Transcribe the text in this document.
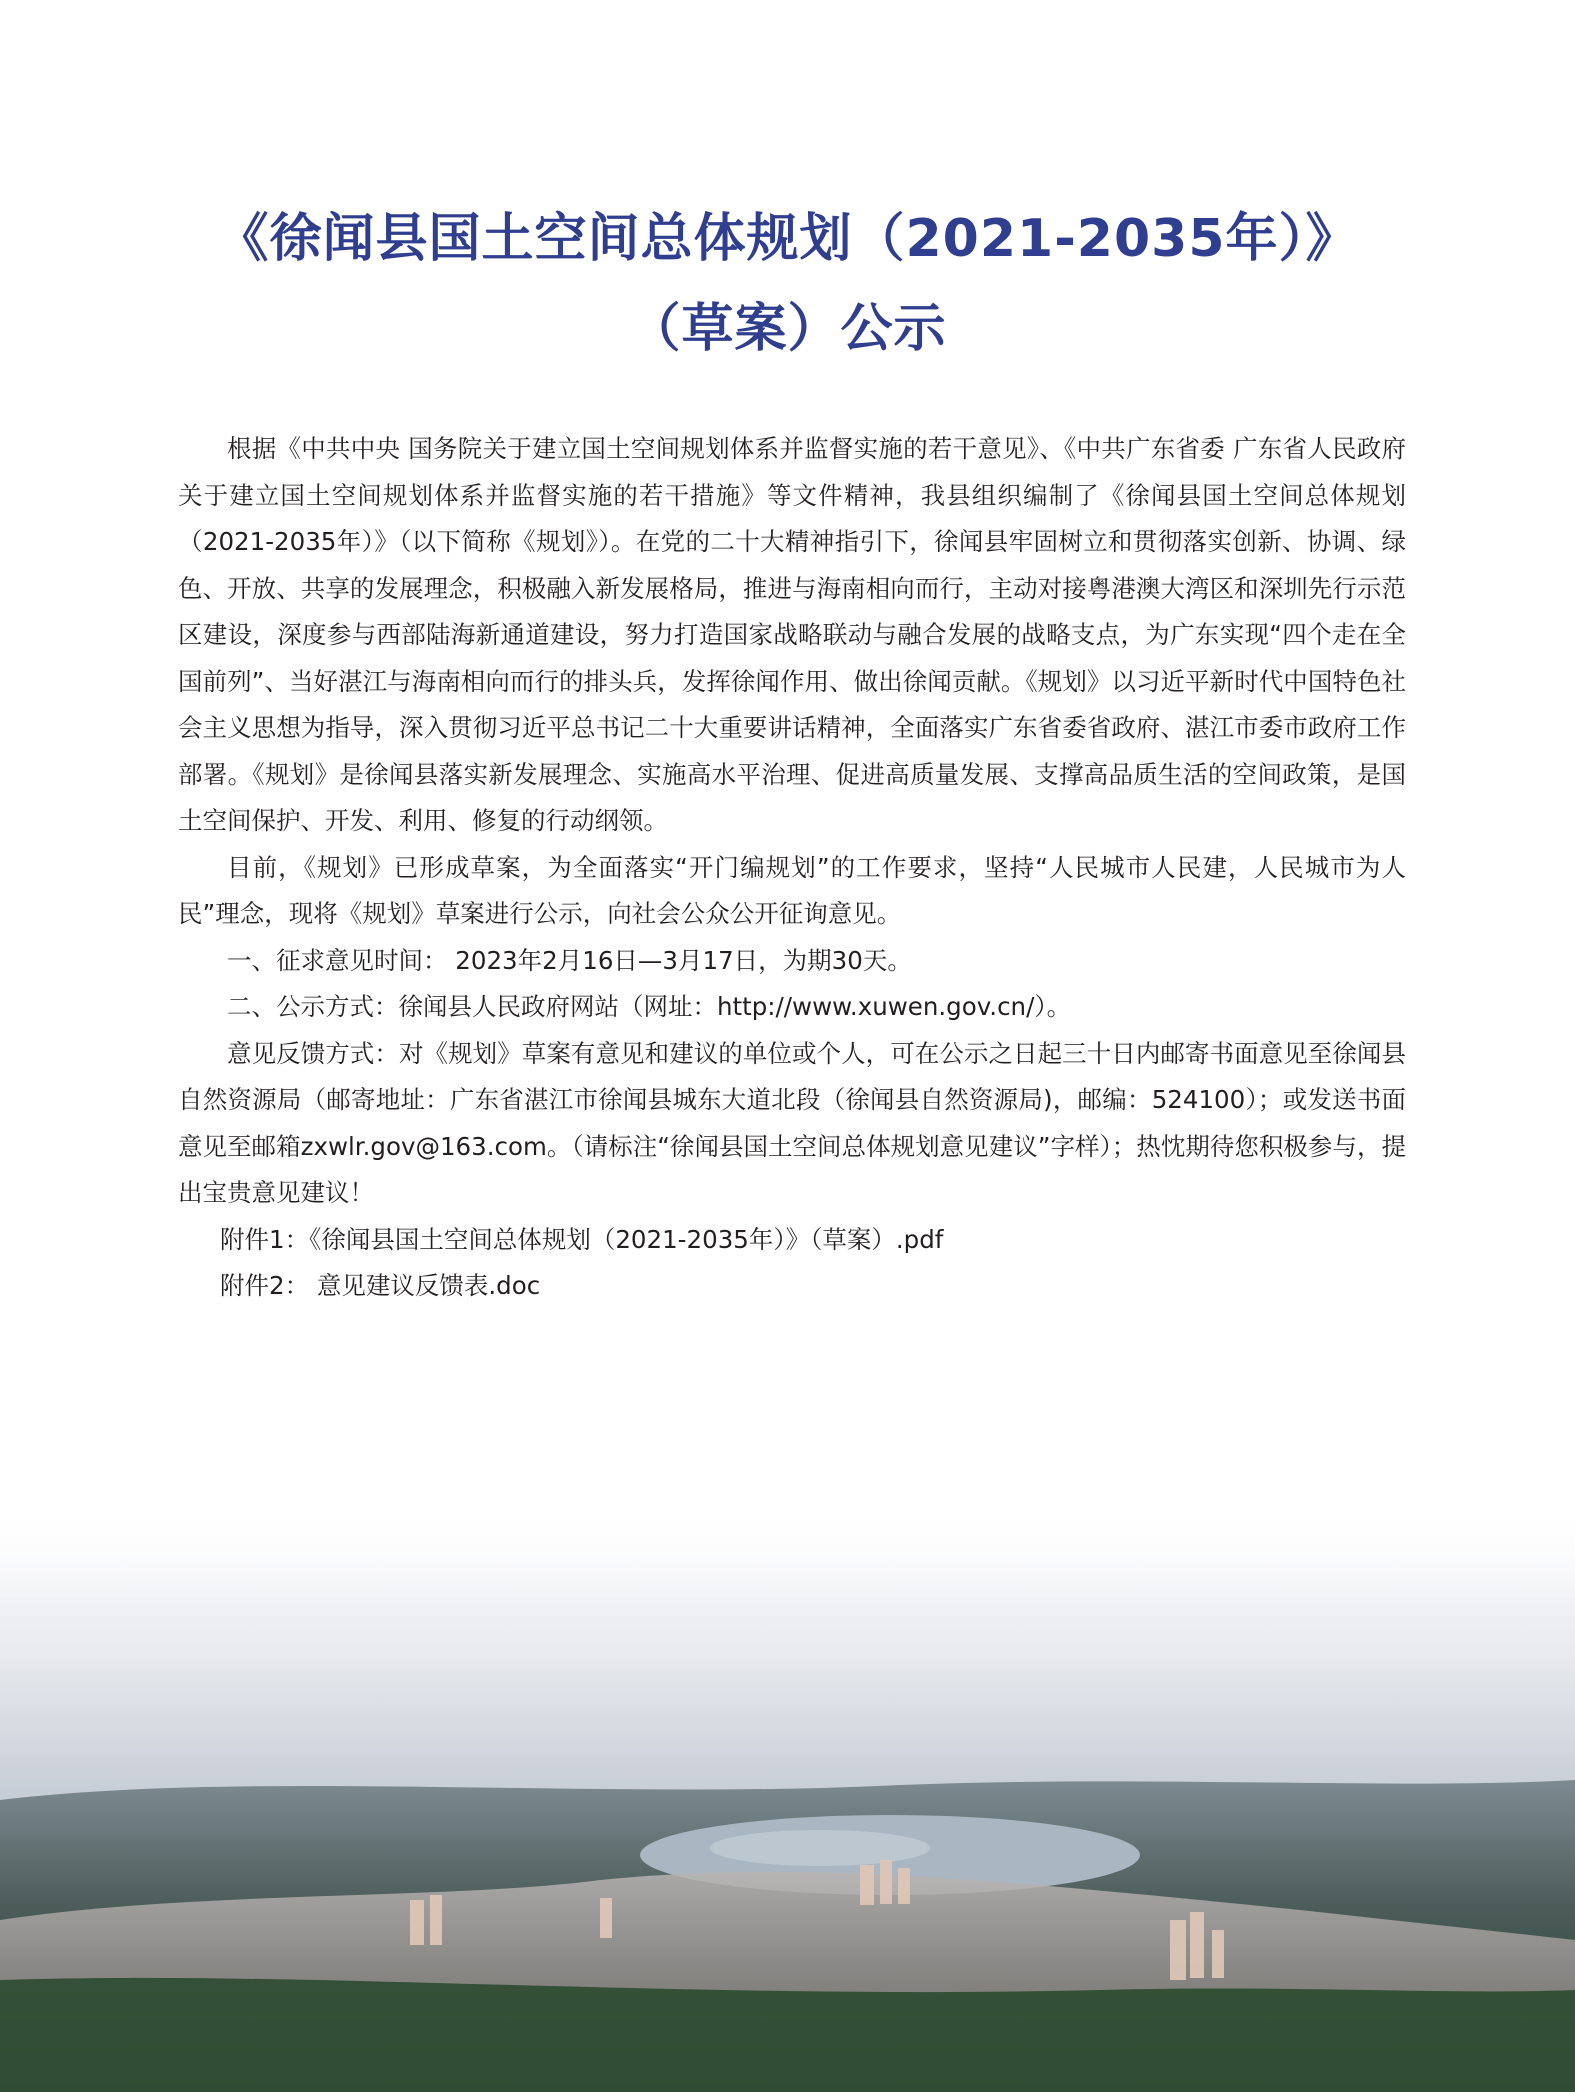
《徐闻县国土空间总体规划（2021-2035年）》
（草案）公示

根据《中共中央 国务院关于建立国土空间规划体系并监督实施的若干意见》、《中共广东省委 广东省人民政府关于建立国土空间规划体系并监督实施的若干措施》等文件精神，我县组织编制了《徐闻县国土空间总体规划（2021-2035年）》（以下简称《规划》）。在党的二十大精神指引下，徐闻县牢固树立和贯彻落实创新、协调、绿色、开放、共享的发展理念，积极融入新发展格局，推进与海南相向而行，主动对接粤港澳大湾区和深圳先行示范区建设，深度参与西部陆海新通道建设，努力打造国家战略联动与融合发展的战略支点，为广东实现“四个走在全国前列”、当好湛江与海南相向而行的排头兵，发挥徐闻作用、做出徐闻贡献。《规划》以习近平新时代中国特色社会主义思想为指导，深入贯彻习近平总书记二十大重要讲话精神，全面落实广东省委省政府、湛江市委市政府工作部署。《规划》是徐闻县落实新发展理念、实施高水平治理、促进高质量发展、支撑高品质生活的空间政策，是国土空间保护、开发、利用、修复的行动纲领。

目前，《规划》已形成草案，为全面落实“开门编规划”的工作要求，坚持“人民城市人民建，人民城市为人民”理念，现将《规划》草案进行公示，向社会公众公开征询意见。

一、征求意见时间： 2023年2月16日—3月17日，为期30天。

二、公示方式：徐闻县人民政府网站（网址：http://www.xuwen.gov.cn/）。

意见反馈方式：对《规划》草案有意见和建议的单位或个人，可在公示之日起三十日内邮寄书面意见至徐闻县自然资源局（邮寄地址：广东省湛江市徐闻县城东大道北段（徐闻县自然资源局)，邮编：524100）；或发送书面意见至邮箱zxwlr.gov@163.com。（请标注“徐闻县国土空间总体规划意见建议”字样）；热忱期待您积极参与，提出宝贵意见建议！

附件1：《徐闻县国土空间总体规划（2021-2035年）》（草案）.pdf

附件2： 意见建议反馈表.doc
